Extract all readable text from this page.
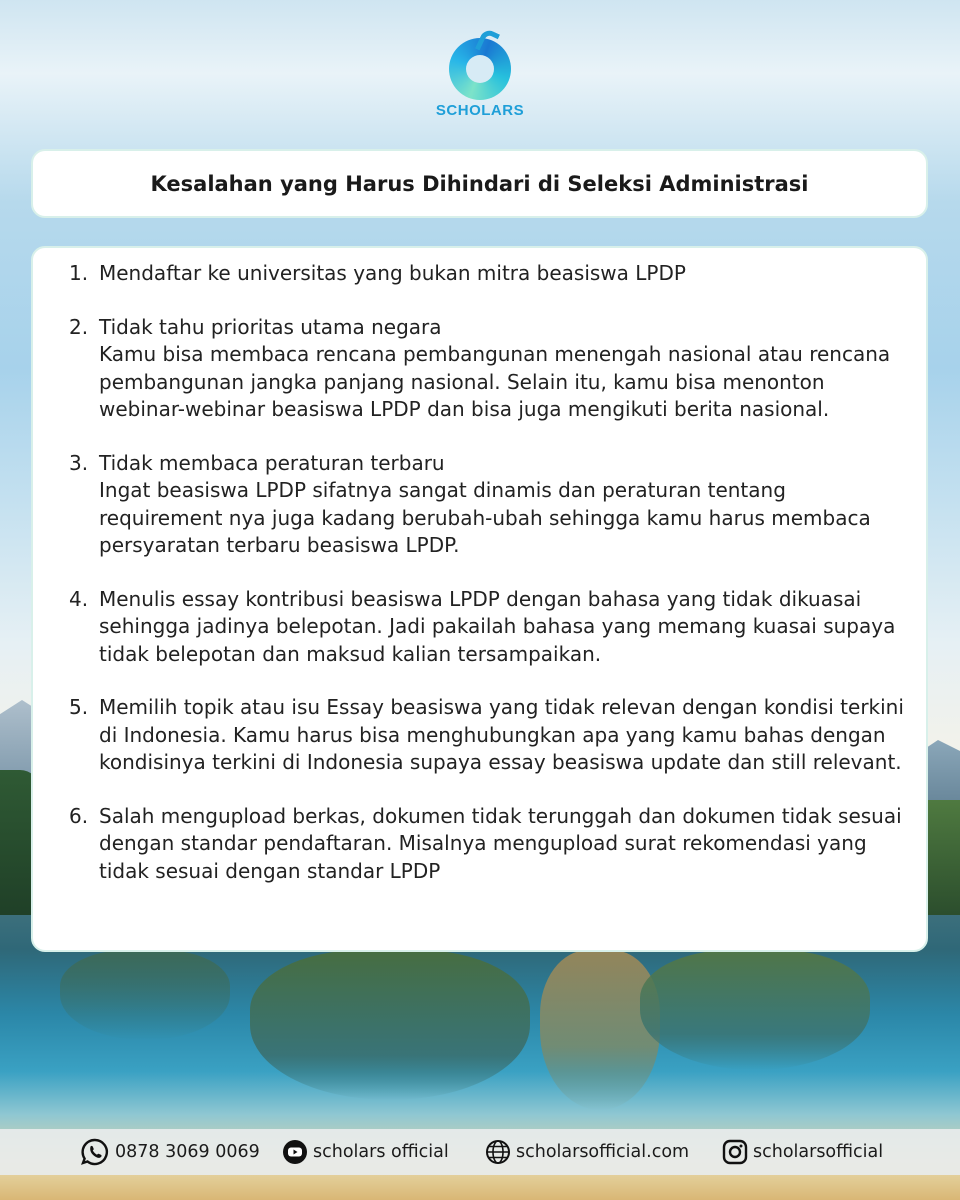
SCHOLARS
Kesalahan yang Harus Dihindari di Seleksi Administrasi
1. Mendaftar ke universitas yang bukan mitra beasiswa LPDP
2. Tidak tahu prioritas utama negara
Kamu bisa membaca rencana pembangunan menengah nasional atau rencana pembangunan jangka panjang nasional. Selain itu, kamu bisa menonton webinar-webinar beasiswa LPDP dan bisa juga mengikuti berita nasional.
3. Tidak membaca peraturan terbaru
Ingat beasiswa LPDP sifatnya sangat dinamis dan peraturan tentang requirement nya juga kadang berubah-ubah sehingga kamu harus membaca persyaratan terbaru beasiswa LPDP.
4. Menulis essay kontribusi beasiswa LPDP dengan bahasa yang tidak dikuasai sehingga jadinya belepotan. Jadi pakailah bahasa yang memang kuasai supaya tidak belepotan dan maksud kalian tersampaikan.
5. Memilih topik atau isu Essay beasiswa yang tidak relevan dengan kondisi terkini di Indonesia. Kamu harus bisa menghubungkan apa yang kamu bahas dengan kondisinya terkini di Indonesia supaya essay beasiswa update dan still relevant.
6. Salah mengupload berkas, dokumen tidak terunggah dan dokumen tidak sesuai dengan standar pendaftaran. Misalnya mengupload surat rekomendasi yang tidak sesuai dengan standar LPDP
0878 3069 0069	scholars official	scholarsofficial.com	scholarsofficial
